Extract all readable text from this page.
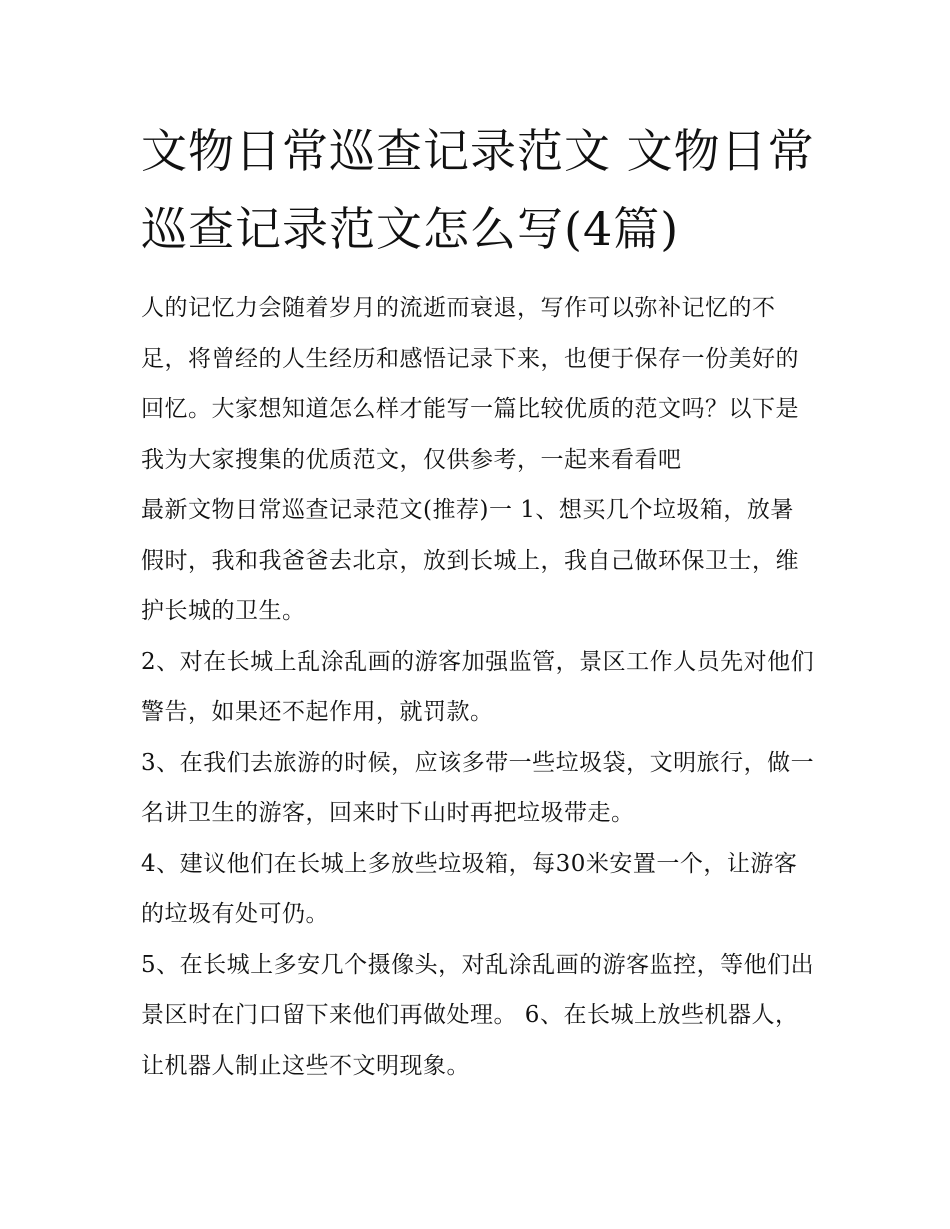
文物日常巡查记录范文 文物日常巡查记录范文怎么写(4篇)

人的记忆力会随着岁月的流逝而衰退，写作可以弥补记忆的不足，将曾经的人生经历和感悟记录下来，也便于保存一份美好的回忆。大家想知道怎么样才能写一篇比较优质的范文吗？以下是我为大家搜集的优质范文，仅供参考，一起来看看吧

最新文物日常巡查记录范文(推荐)一 1、想买几个垃圾箱，放暑假时，我和我爸爸去北京，放到长城上，我自己做环保卫士，维护长城的卫生。

2、对在长城上乱涂乱画的游客加强监管，景区工作人员先对他们警告，如果还不起作用，就罚款。

3、在我们去旅游的时候，应该多带一些垃圾袋，文明旅行，做一名讲卫生的游客，回来时下山时再把垃圾带走。

4、建议他们在长城上多放些垃圾箱，每30米安置一个，让游客的垃圾有处可仍。

5、在长城上多安几个摄像头，对乱涂乱画的游客监控，等他们出景区时在门口留下来他们再做处理。 6、在长城上放些机器人，让机器人制止这些不文明现象。
